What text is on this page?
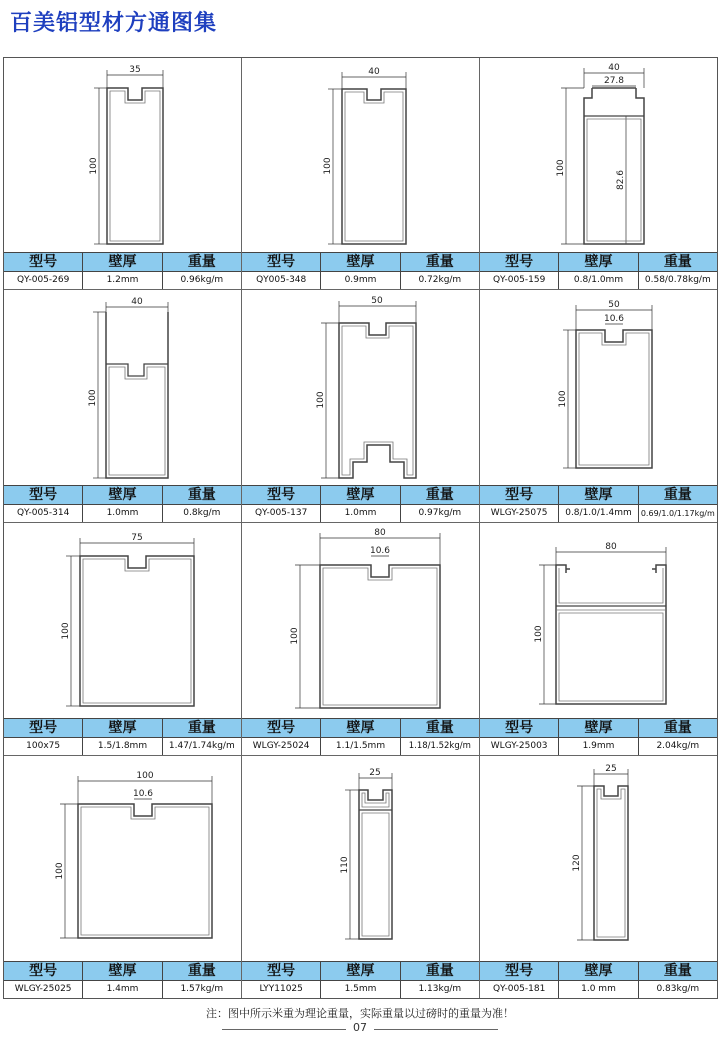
百美铝型材方通图集
35
100
型号	壁厚	重量
QY-005-269	1.2mm	0.96kg/m
40
100
型号	壁厚	重量
QY005-348	0.9mm	0.72kg/m
40
27.8
100
82.6
型号	壁厚	重量
QY-005-159	0.8/1.0mm	0.58/0.78kg/m
40
100
型号	壁厚	重量
QY-005-314	1.0mm	0.8kg/m
50
100
型号	壁厚	重量
QY-005-137	1.0mm	0.97kg/m
50
10.6
100
型号	壁厚	重量
WLGY-25075	0.8/1.0/1.4mm	0.69/1.0/1.17kg/m
75
100
型号	壁厚	重量
100x75	1.5/1.8mm	1.47/1.74kg/m
80
10.6
100
型号	壁厚	重量
WLGY-25024	1.1/1.5mm	1.18/1.52kg/m
80
100
型号	壁厚	重量
WLGY-25003	1.9mm	2.04kg/m
100
10.6
100
型号	壁厚	重量
WLGY-25025	1.4mm	1.57kg/m
25
110
型号	壁厚	重量
LYY11025	1.5mm	1.13kg/m
25
120
型号	壁厚	重量
QY-005-181	1.0 mm	0.83kg/m
注：图中所示米重为理论重量，实际重量以过磅时的重量为准！
07
